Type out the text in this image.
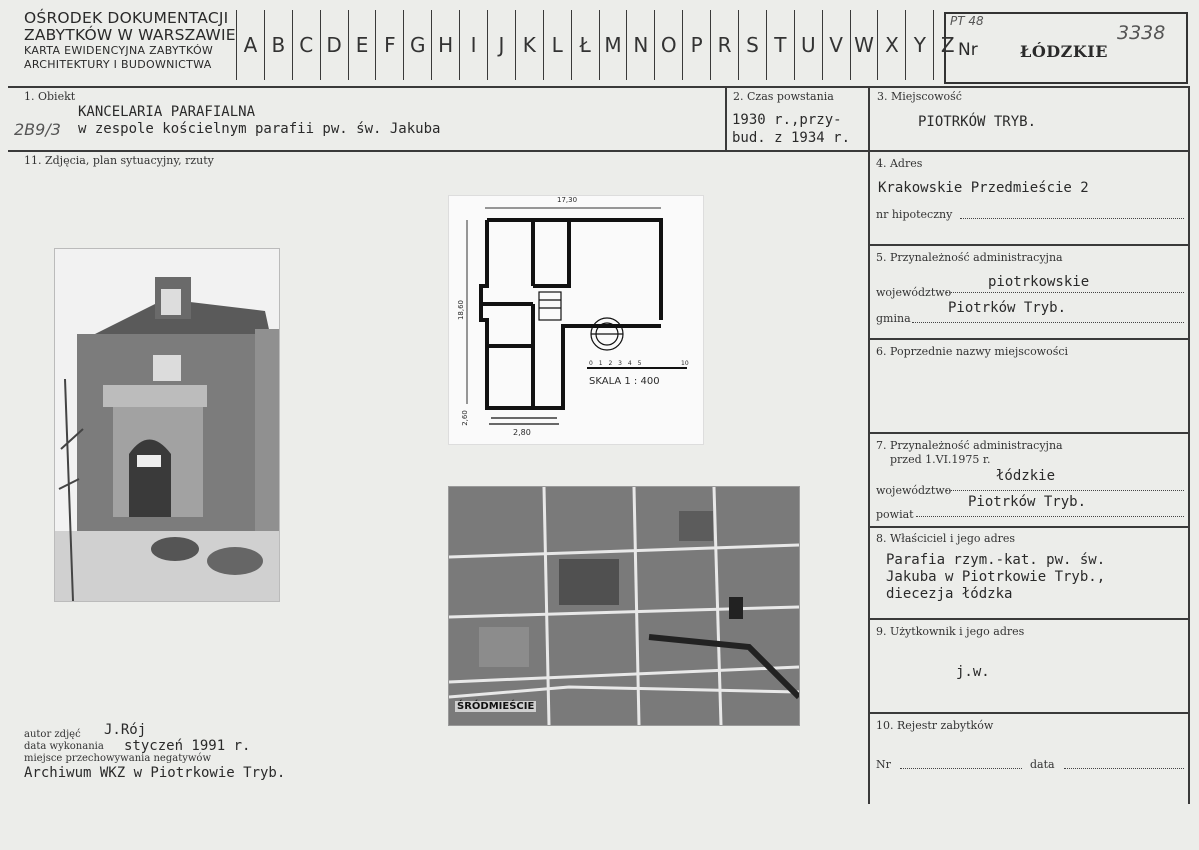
OŚRODEK DOKUMENTACJI
ZABYTKÓW W WARSZAWIE
KARTA EWIDENCYJNA ZABYTKÓW
ARCHITEKTURY I BUDOWNICTWA
A B C D E F G H I	J K L Ł M N O P R S T U V W X Y Z
PT 48
3338
Nr	ŁÓDZKIE
1. Obiekt
KANCELARIA PARAFIALNA
w zespole kościelnym parafii pw. św. Jakuba
2B9/3
2. Czas powstania
1930 r.,przy-
bud. z 1934 r.
3. Miejscowość
PIOTRKÓW TRYB.
11. Zdjęcia, plan sytuacyjny, rzuty
17,30
18,60
2,60
2,80
0 1 2 3 4 5	10
SKALA 1 : 400
ŚRÓDMIEŚCIE
autor zdjęć J.Rój
data wykonania styczeń 1991 r.
miejsce przechowywania negatywów
Archiwum WKZ w Piotrkowie Tryb.
4. Adres
Krakowskie Przedmieście 2
nr hipoteczny
5. Przynależność administracyjna
województwo
piotrkowskie
gmina
Piotrków Tryb.
6. Poprzednie nazwy miejscowości
7. Przynależność administracyjna
przed 1.VI.1975 r.
województwo
łódzkie
powiat
Piotrków Tryb.
8. Właściciel i jego adres
Parafia rzym.-kat. pw. św.
Jakuba w Piotrkowie Tryb.,
diecezja łódzka
9. Użytkownik i jego adres
j.w.
10. Rejestr zabytków
Nr	data
